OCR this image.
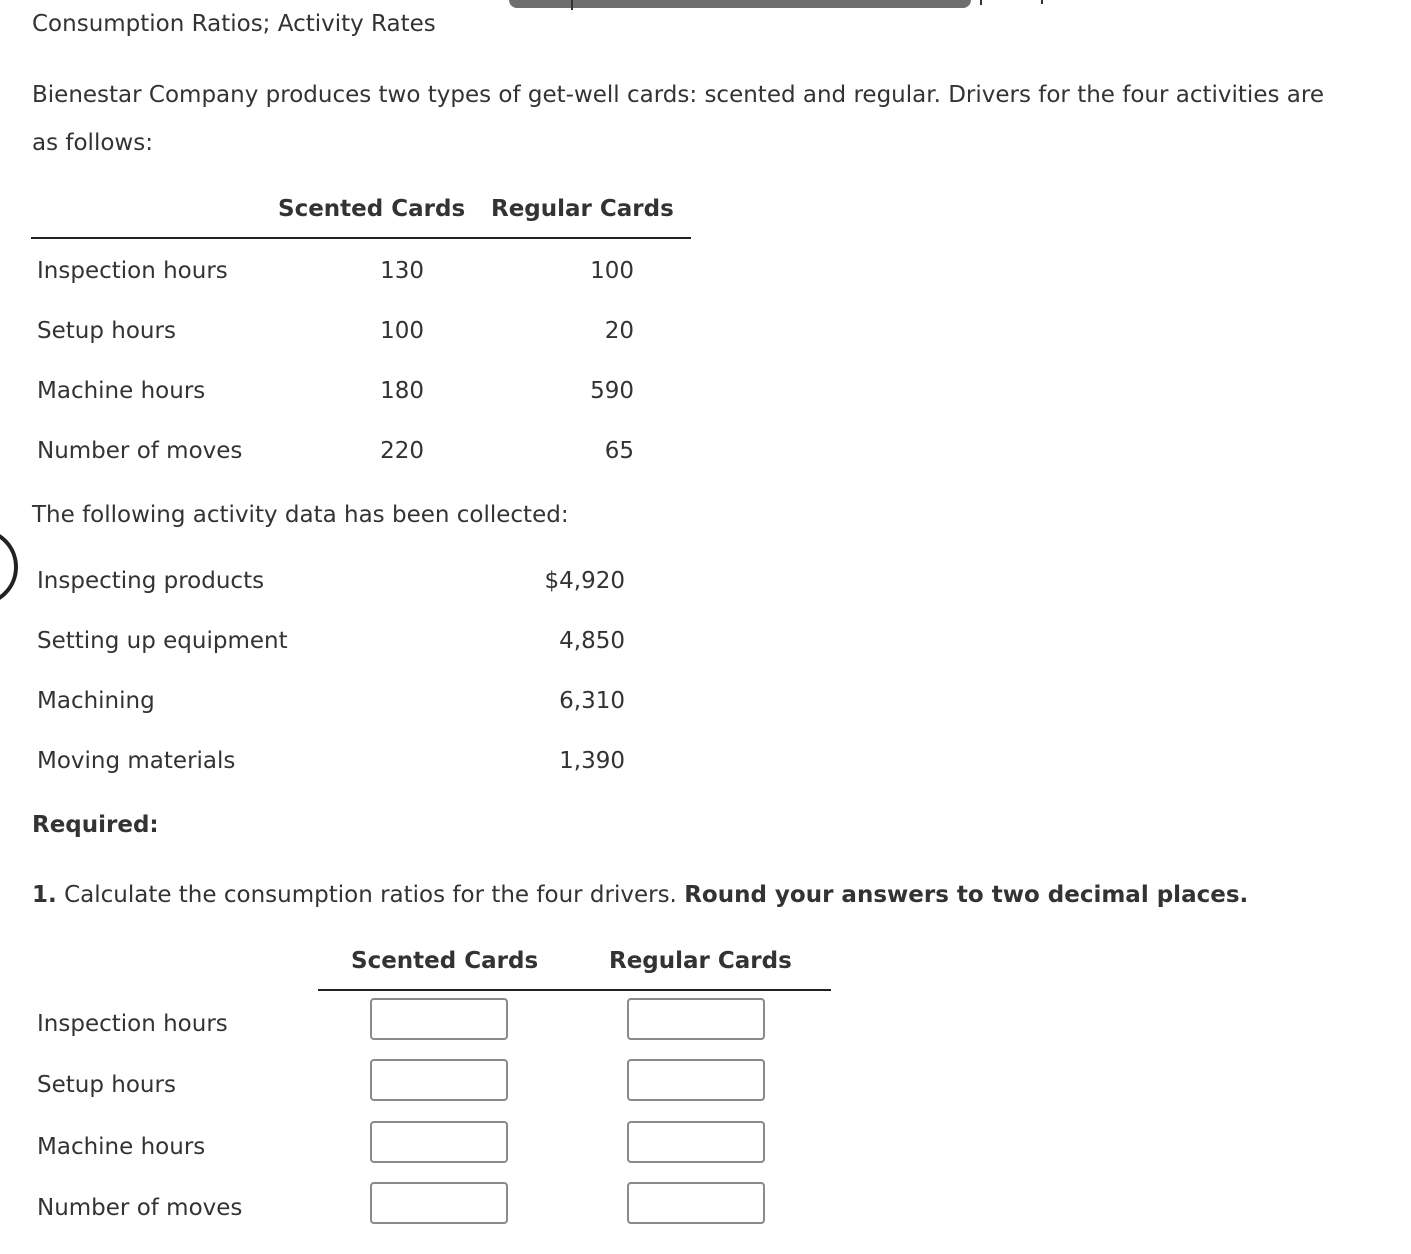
Consumption Ratios; Activity Rates
Bienestar Company produces two types of get-well cards: scented and regular. Drivers for the four activities are
as follows:
Scented Cards Regular Cards
Inspection hours	130	100
Setup hours	100	20
Machine hours	180	590
Number of moves	220	65
The following activity data has been collected:
Inspecting products	$4,920
Setting up equipment	4,850
Machining	6,310
Moving materials	1,390
Required:
1. Calculate the consumption ratios for the four drivers. Round your answers to two decimal places.
Scented Cards	Regular Cards
Inspection hours
Setup hours
Machine hours
Number of moves
